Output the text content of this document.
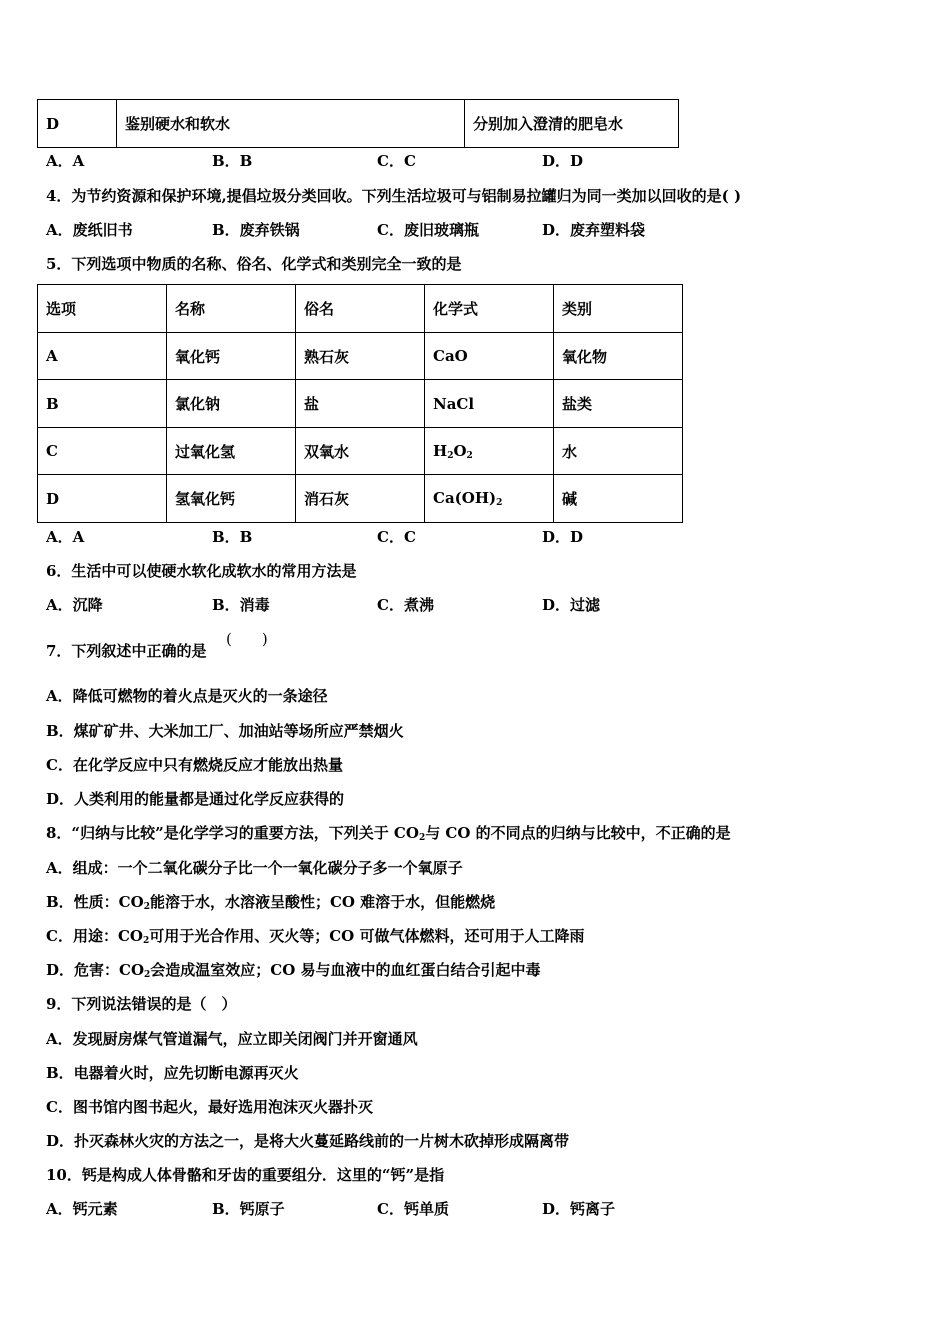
D	鉴别硬水和软水	分别加入澄清的肥皂水
A．A	B．B	C．C	D．D
4．为节约资源和保护环境,提倡垃圾分类回收。下列生活垃圾可与铝制易拉罐归为同一类加以回收的是( )
A．废纸旧书	B．废弃铁锅	C．废旧玻璃瓶	D．废弃塑料袋
5．下列选项中物质的名称、俗名、化学式和类别完全一致的是
选项	名称	俗名	化学式	类别
A	氧化钙	熟石灰	CaO	氧化物
B	氯化钠	盐	NaCl	盐类
C	过氧化氢	双氧水	$H_2O_2$	水
D	氢氧化钙	消石灰	$Ca(OH)_2$	碱
A．A	B．B	C．C	D．D
6．生活中可以使硬水软化成软水的常用方法是
A．沉降	B．消毒	C．煮沸	D．过滤
7．下列叙述中正确的是
(　　)
A．降低可燃物的着火点是灭火的一条途径
B．煤矿矿井、大米加工厂、加油站等场所应严禁烟火
C．在化学反应中只有燃烧反应才能放出热量
D．人类利用的能量都是通过化学反应获得的
8．“归纳与比较”是化学学习的重要方法，下列关于 $CO_2$与 CO 的不同点的归纳与比较中，不正确的是
A．组成：一个二氧化碳分子比一个一氧化碳分子多一个氧原子
B．性质：$CO_2$能溶于水，水溶液呈酸性；CO 难溶于水，但能燃烧
C．用途：$CO_2$可用于光合作用、灭火等；CO 可做气体燃料，还可用于人工降雨
D．危害：$CO_2$会造成温室效应；CO 易与血液中的血红蛋白结合引起中毒
9．下列说法错误的是（　）
A．发现厨房煤气管道漏气，应立即关闭阀门并开窗通风
B．电器着火时，应先切断电源再灭火
C．图书馆内图书起火，最好选用泡沫灭火器扑灭
D．扑灭森林火灾的方法之一，是将大火蔓延路线前的一片树木砍掉形成隔离带
10．钙是构成人体骨骼和牙齿的重要组分．这里的“钙”是指
A．钙元素	B．钙原子	C．钙单质	D．钙离子
